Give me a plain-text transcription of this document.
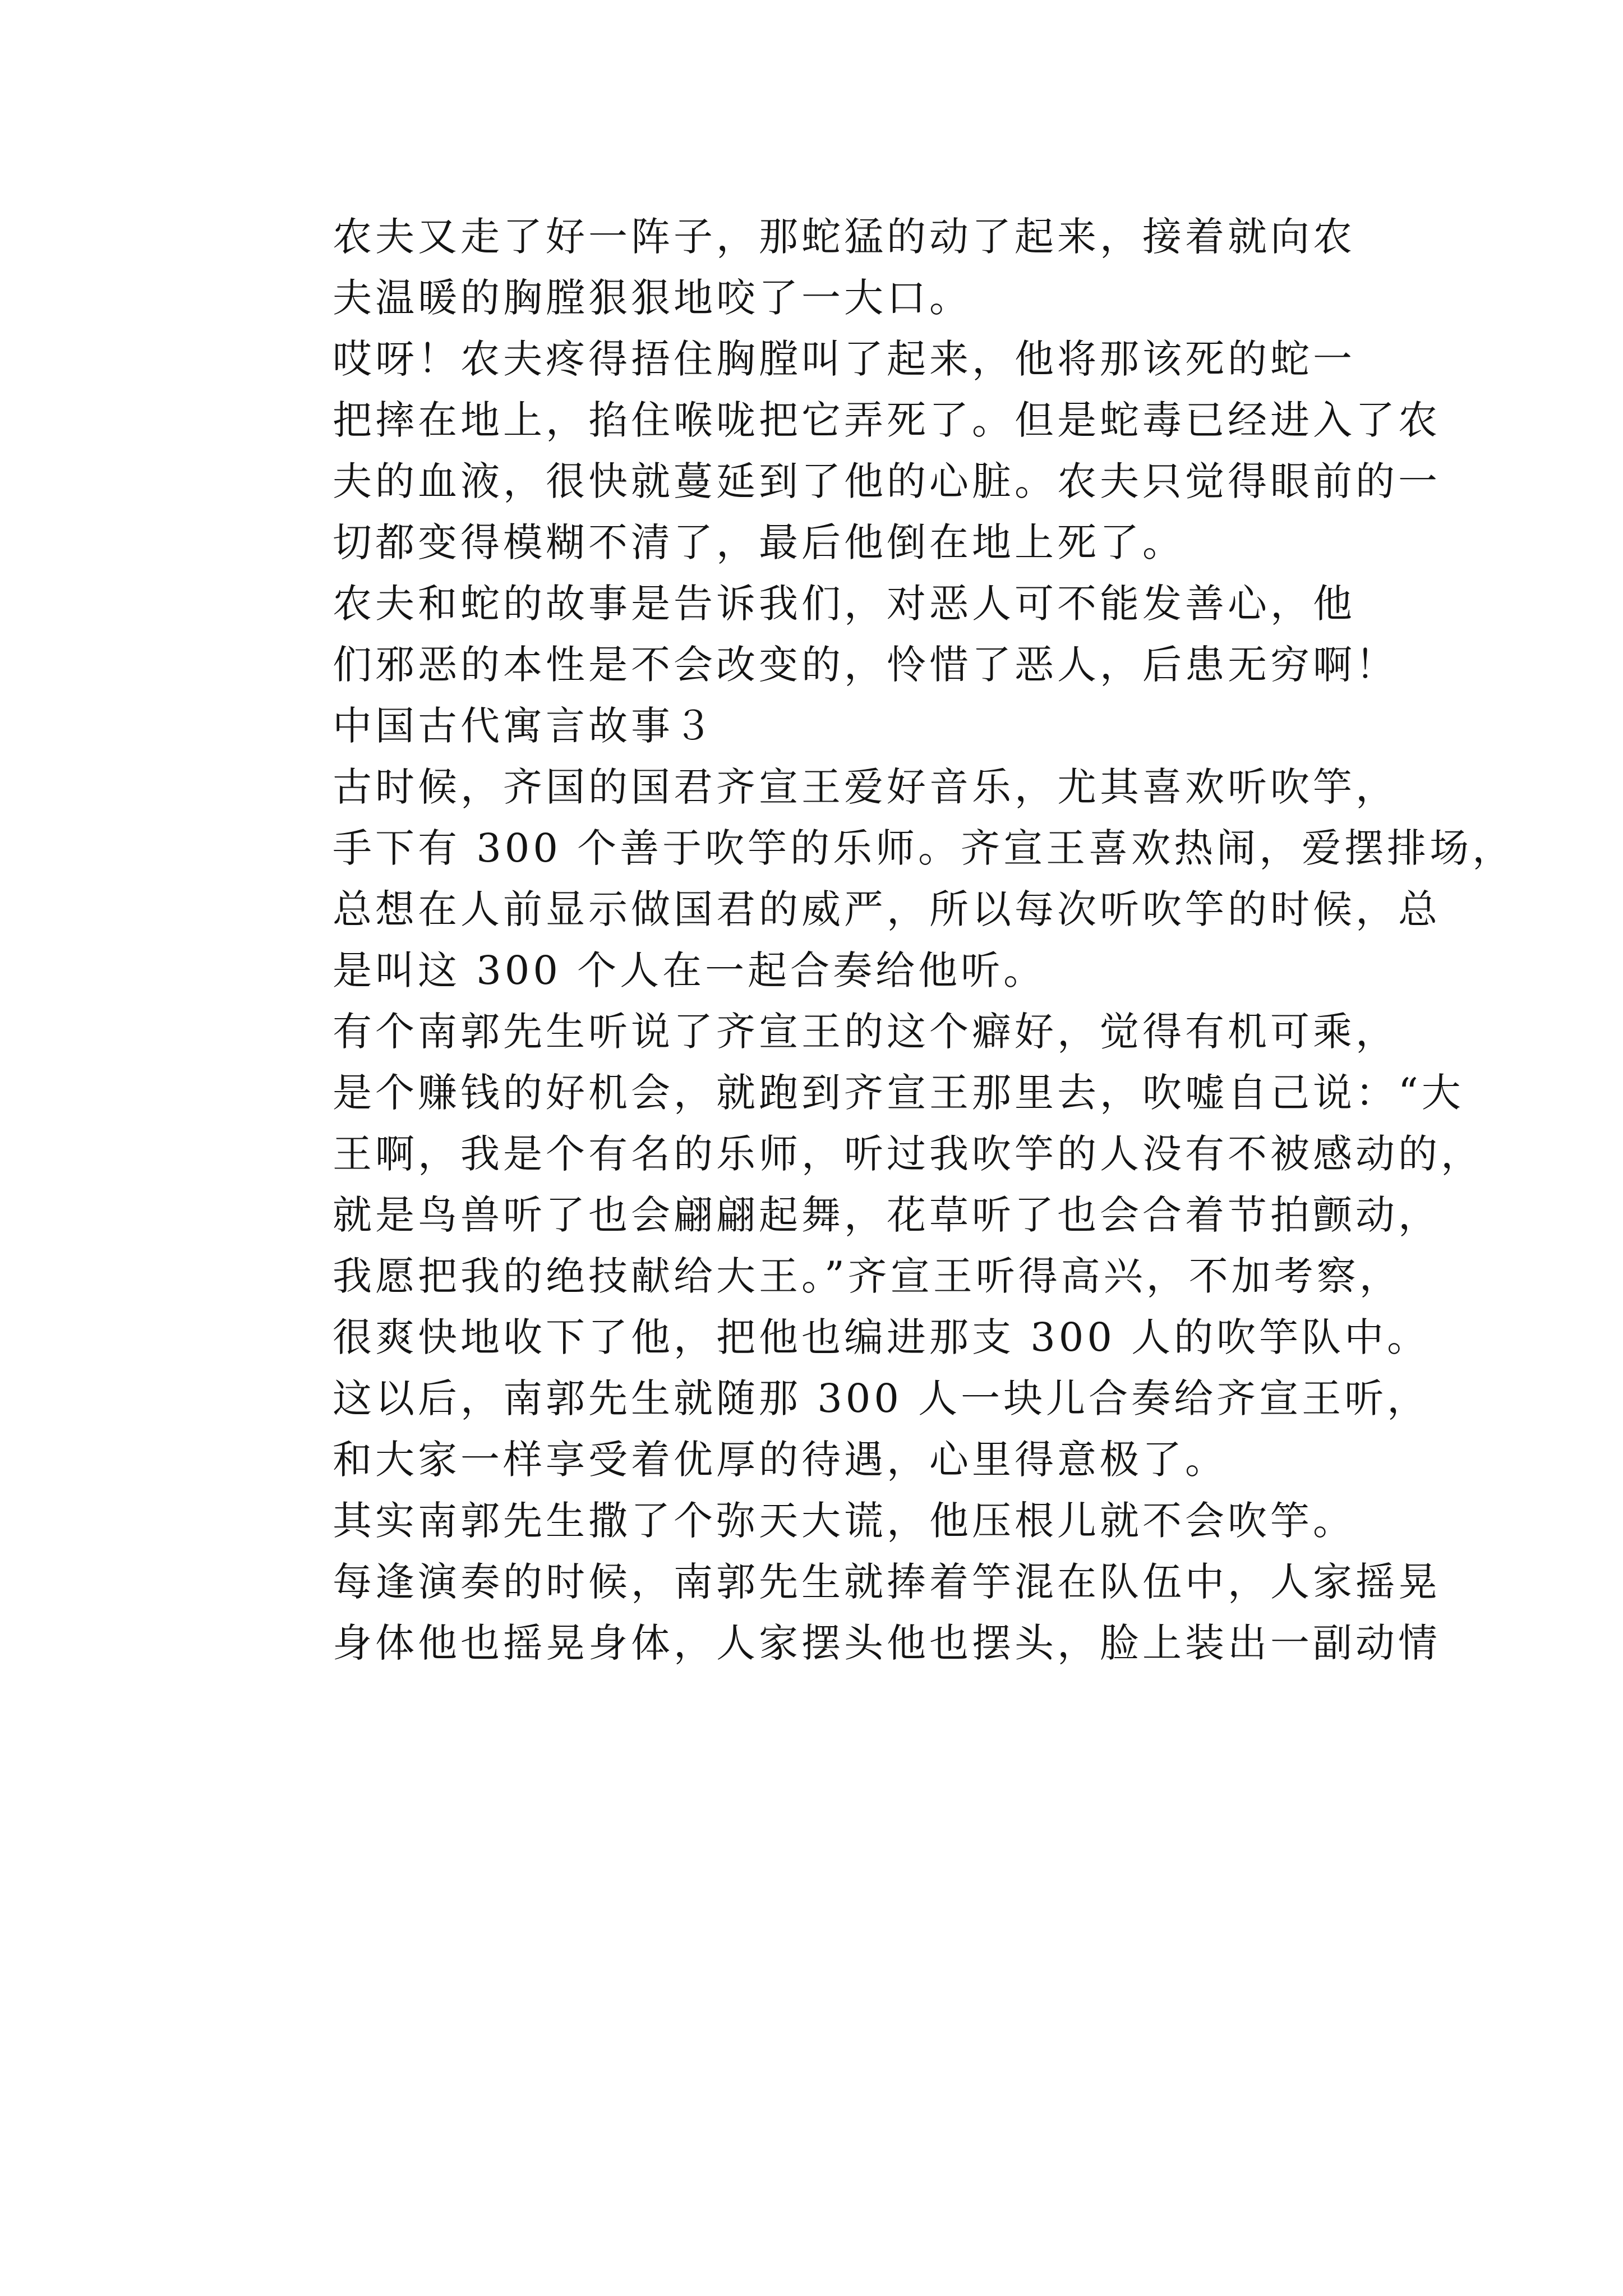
农夫又走了好一阵子，那蛇猛的动了起来，接着就向农
夫温暖的胸膛狠狠地咬了一大口。

哎呀！农夫疼得捂住胸膛叫了起来，他将那该死的蛇一
把摔在地上，掐住喉咙把它弄死了。但是蛇毒已经进入了农
夫的血液，很快就蔓延到了他的心脏。农夫只觉得眼前的一
切都变得模糊不清了，最后他倒在地上死了。

农夫和蛇的故事是告诉我们，对恶人可不能发善心，他
们邪恶的本性是不会改变的，怜惜了恶人，后患无穷啊！

中国古代寓言故事３

古时候，齐国的国君齐宣王爱好音乐，尤其喜欢听吹竽，
手下有 300 个善于吹竽的乐师。齐宣王喜欢热闹，爱摆排场，
总想在人前显示做国君的威严，所以每次听吹竽的时候，总
是叫这 300 个人在一起合奏给他听。

有个南郭先生听说了齐宣王的这个癖好，觉得有机可乘，
是个赚钱的好机会，就跑到齐宣王那里去，吹嘘自己说：“大
王啊，我是个有名的乐师，听过我吹竽的人没有不被感动的，
就是鸟兽听了也会翩翩起舞，花草听了也会合着节拍颤动，
我愿把我的绝技献给大王。”齐宣王听得高兴，不加考察，
很爽快地收下了他，把他也编进那支 300 人的吹竽队中。

这以后，南郭先生就随那 300 人一块儿合奏给齐宣王听，
和大家一样享受着优厚的待遇，心里得意极了。

其实南郭先生撒了个弥天大谎，他压根儿就不会吹竽。
每逢演奏的时候，南郭先生就捧着竽混在队伍中，人家摇晃
身体他也摇晃身体，人家摆头他也摆头，脸上装出一副动情
